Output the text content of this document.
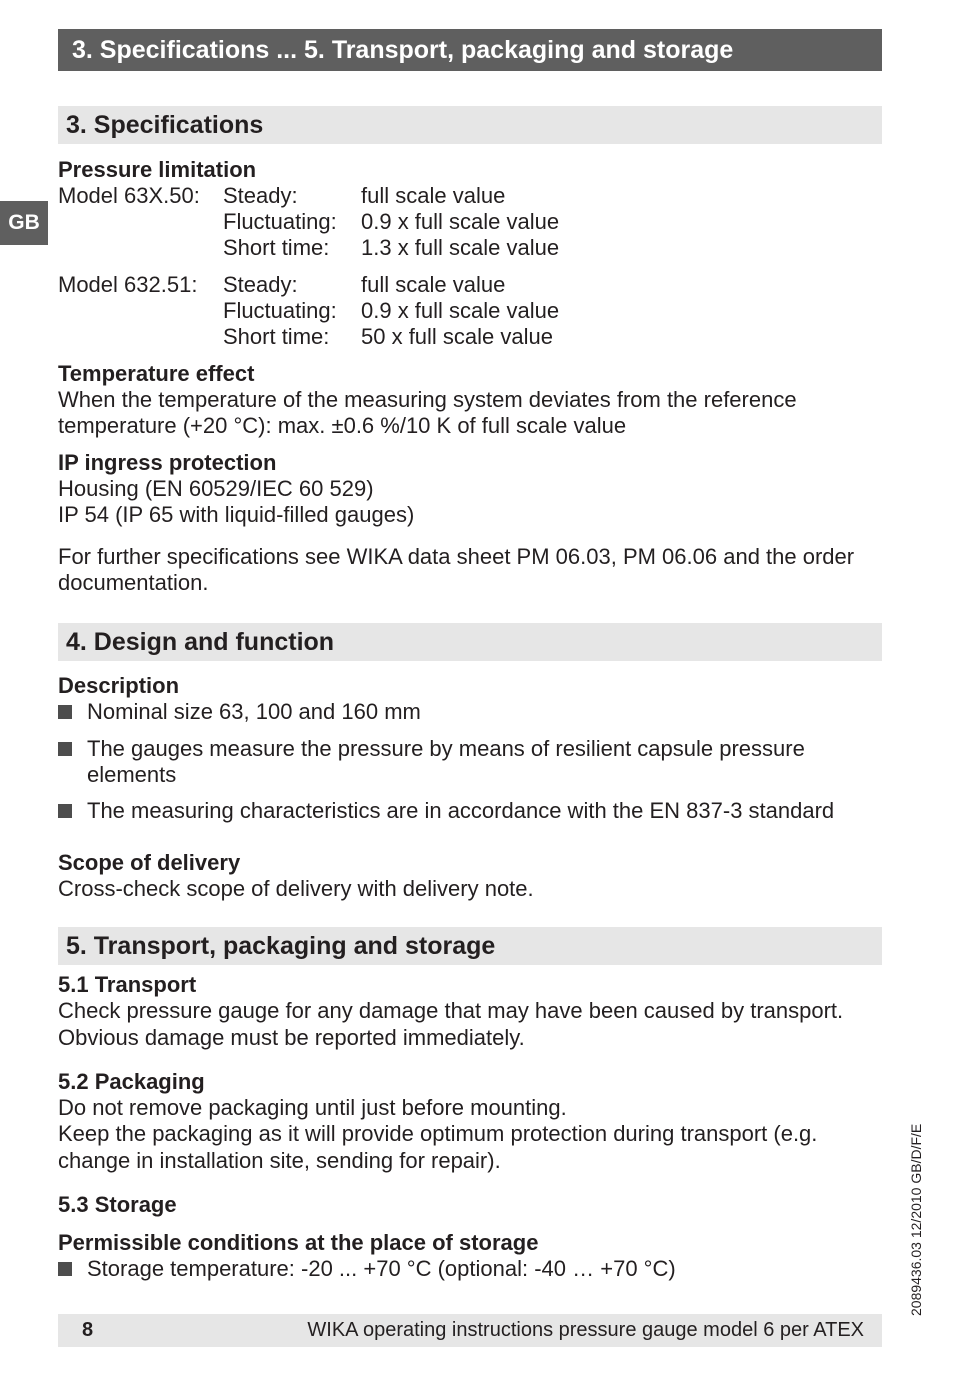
3. Specifications ... 5. Transport, packaging and storage
GB
3. Specifications
Pressure limitation
Model 63X.50: Steady:	full scale value
Fluctuating: 0.9 x full scale value
Short time: 1.3 x full scale value
Model 632.51: Steady:	full scale value
Fluctuating: 0.9 x full scale value
Short time: 50 x full scale value
Temperature effect
When the temperature of the measuring system deviates from the reference
temperature (+20 °C): max. ±0.6 %/10 K of full scale value
IP ingress protection
Housing (EN 60529/IEC 60 529)
IP 54 (IP 65 with liquid-filled gauges)
For further specifications see WIKA data sheet PM 06.03, PM 06.06 and the order
documentation.
4. Design and function
Description
Nominal size 63, 100 and 160 mm
The gauges measure the pressure by means of resilient capsule pressure
elements
The measuring characteristics are in accordance with the EN 837-3 standard
Scope of delivery
Cross-check scope of delivery with delivery note.
5. Transport, packaging and storage
5.1 Transport
Check pressure gauge for any damage that may have been caused by transport.
Obvious damage must be reported immediately.
5.2 Packaging
Do not remove packaging until just before mounting.
Keep the packaging as it will provide optimum protection during transport (e.g.
change in installation site, sending for repair).
5.3 Storage
Permissible conditions at the place of storage
Storage temperature: -20 ... +70 °C (optional: -40 … +70 °C)	2089436.03 12/2010 GB/D/F/E
8	WIKA operating instructions pressure gauge model 6 per ATEX
